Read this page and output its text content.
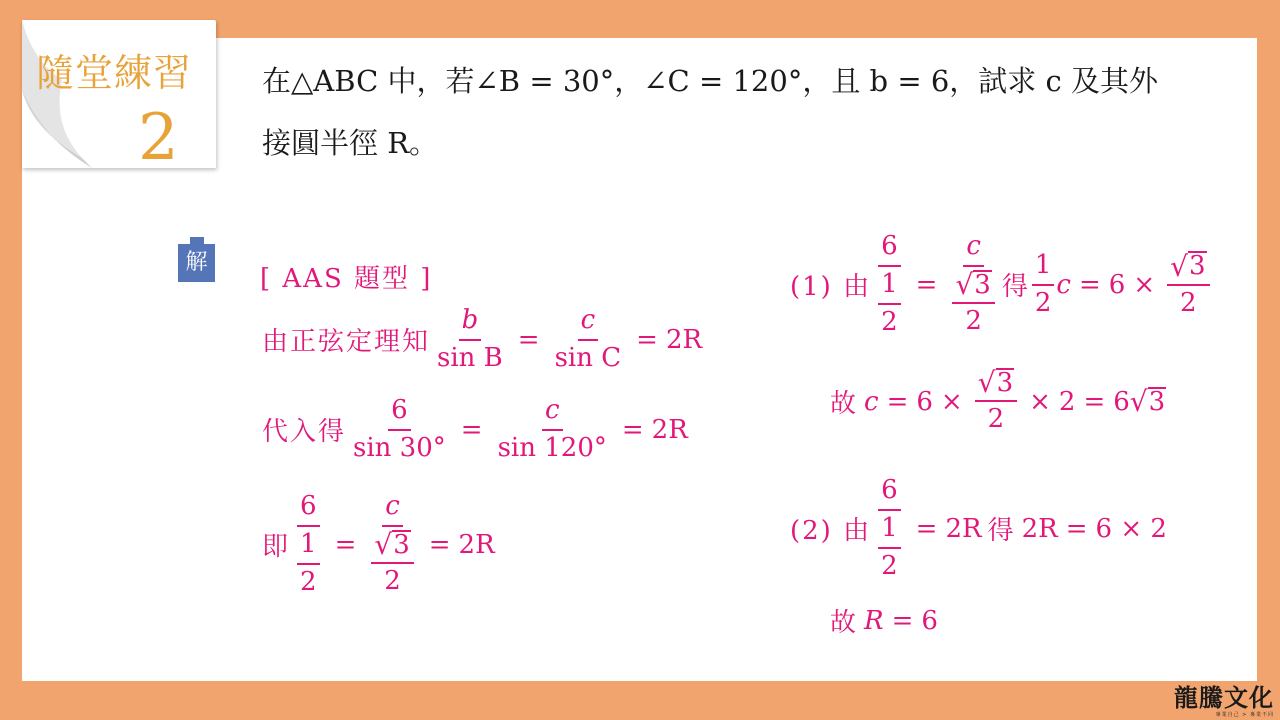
隨堂練習
2
在△ABC 中，若∠B = 30°，∠C = 120°，且 b = 6，試求 c 及其外
接圓半徑 R。
解
[ AAS 題型 ]
由正弦定理知 $\frac{b}{\text{sin B}} = \frac{c}{\text{sin C}} = 2R$
代入得 $\frac{6}{\sin 30^\circ} = \frac{c}{\sin 120^\circ} = 2R$
即 $\frac{6}{\frac{1}{2}} = \frac{c}{\frac{√ 3}{2}} = 2R$
(1) 由 $\frac{6}{\frac{1}{2}} = \frac{c}{\frac{√ 3}{2}}$ 得 $\frac{1}{2}$ $c = 6 \times \frac{√ 3}{2}$
故 $c = 6 \times \frac{√ 3}{2} \times 2 = 6$ √ 3
(2) 由 $\frac{6}{\frac{1}{2}} = 2R$ 得 2R = 6 × 2
故 R = 6
龍騰文化
專業自己 > 專業不同
